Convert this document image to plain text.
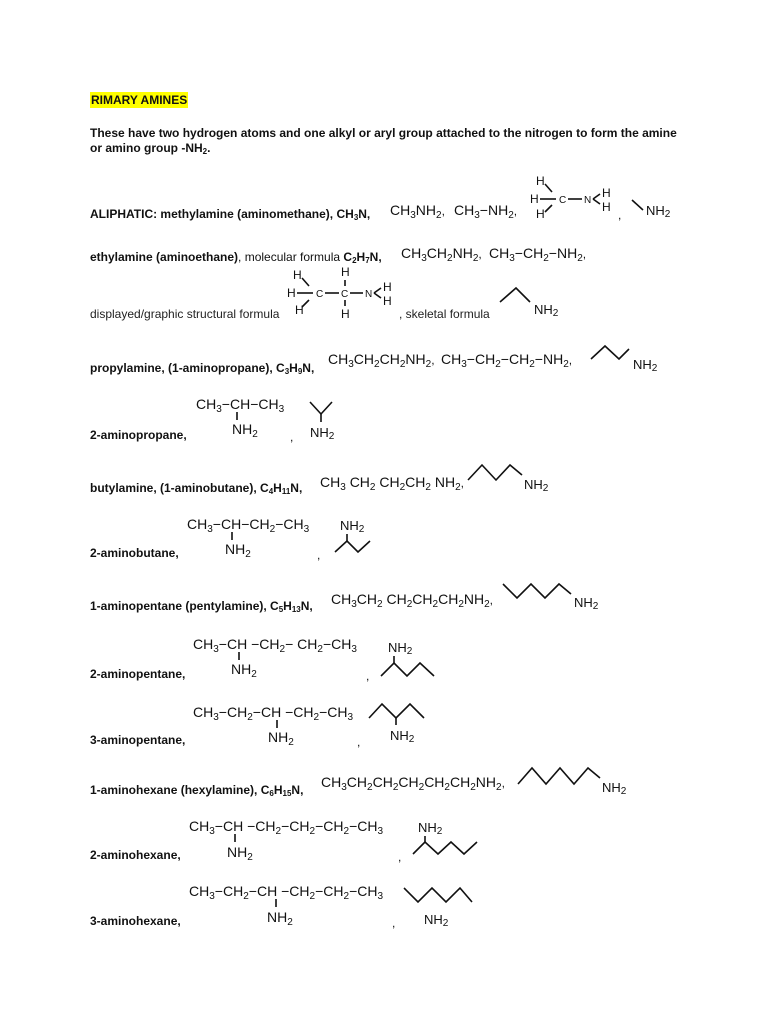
RIMARY AMINES
These have two hydrogen atoms and one alkyl or aryl group attached to the nitrogen to form the amine or amino group $-NH_2$.
ALIPHATIC: methylamine (aminomethane), $CH_3N$, $CH_3NH_2$, $CH_3-NH_2$,
H
H C N
H
H
H	, NH2
ethylamine (aminoethane), molecular formula $C_2H_7N$, $CH_3CH_2NH_2$, $CH_3-CH_2-NH_2$,
H	H
H C C N
H
H
H	H
displayed/graphic structural formula	, skeletal formula	NH2
propylamine, (1-aminopropane), $C_3H_9N$,
$CH_3CH_2CH_2NH_2$, $CH_3-CH_2-CH_2-NH_2$,	NH2
2-aminopropane,
$CH_3-CH-CH_3$
$NH_2$	, NH2
butylamine, (1-aminobutane), $C_4H_{11}N$, $CH_3$ $CH_2$ $CH_2CH_2$ $NH_2$,	NH2
2-aminobutane,
$CH_3-CH-CH_2-CH_3$
$NH_2$	,
NH2
1-aminopentane (pentylamine), $C_5H_{13}N$, $CH_3CH_2$ $CH_2CH_2CH_2NH_2$,	NH2
2-aminopentane,
$CH_3-CH -CH_2- CH_2-CH_3$
$NH_2$	,
NH2
3-aminopentane,
$CH_3-CH_2-CH -CH_2-CH_3$
$NH_2$	, NH2
1-aminohexane (hexylamine), $C_6H_{15}N$, $CH_3CH_2CH_2CH_2CH_2CH_2NH_2$,	NH2
2-aminohexane,
$CH_3-CH -CH_2-CH_2-CH_2-CH_3$
$NH_2$	,
NH2
3-aminohexane,
$CH_3-CH_2-CH -CH_2-CH_2-CH_3$
$NH_2$	, NH2
